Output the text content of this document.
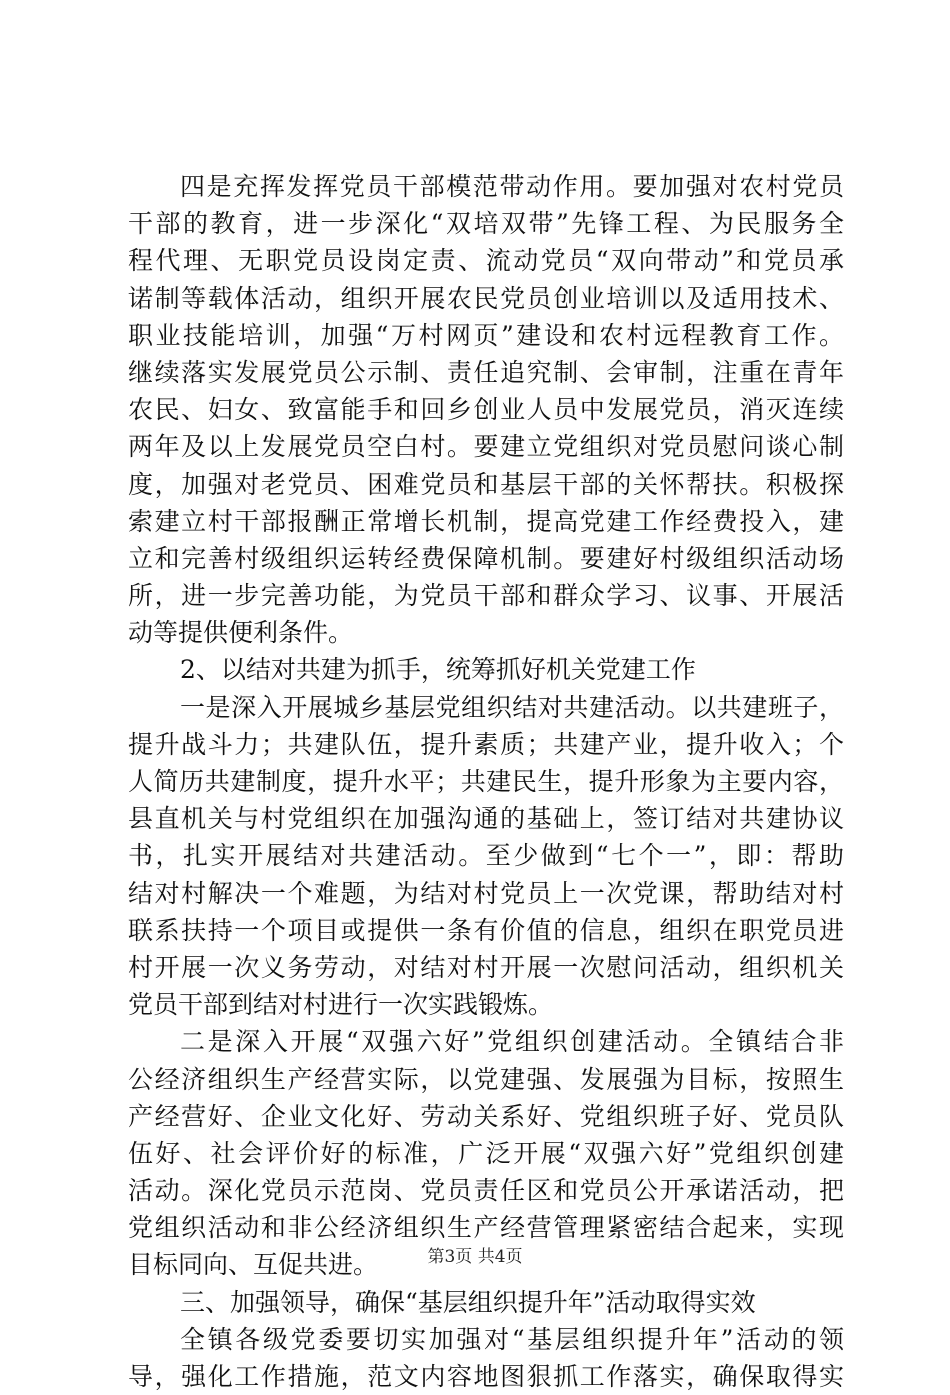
四是充挥发挥党员干部模范带动作用。要加强对农村党员
干部的教育，进一步深化“双培双带”先锋工程、为民服务全
程代理、无职党员设岗定责、流动党员“双向带动”和党员承
诺制等载体活动，组织开展农民党员创业培训以及适用技术、
职业技能培训，加强“万村网页”建设和农村远程教育工作。
继续落实发展党员公示制、责任追究制、会审制，注重在青年
农民、妇女、致富能手和回乡创业人员中发展党员，消灭连续
两年及以上发展党员空白村。要建立党组织对党员慰问谈心制
度，加强对老党员、困难党员和基层干部的关怀帮扶。积极探
索建立村干部报酬正常增长机制，提高党建工作经费投入，建
立和完善村级组织运转经费保障机制。要建好村级组织活动场
所，进一步完善功能，为党员干部和群众学习、议事、开展活
动等提供便利条件。
2、以结对共建为抓手，统筹抓好机关党建工作
一是深入开展城乡基层党组织结对共建活动。以共建班子，
提升战斗力；共建队伍，提升素质；共建产业，提升收入；个
人简历共建制度，提升水平；共建民生，提升形象为主要内容，
县直机关与村党组织在加强沟通的基础上，签订结对共建协议
书，扎实开展结对共建活动。至少做到“七个一”，即：帮助
结对村解决一个难题，为结对村党员上一次党课，帮助结对村
联系扶持一个项目或提供一条有价值的信息，组织在职党员进
村开展一次义务劳动，对结对村开展一次慰问活动，组织机关
党员干部到结对村进行一次实践锻炼。
二是深入开展“双强六好”党组织创建活动。全镇结合非
公经济组织生产经营实际，以党建强、发展强为目标，按照生
产经营好、企业文化好、劳动关系好、党组织班子好、党员队
伍好、社会评价好的标准，广泛开展“双强六好”党组织创建
活动。深化党员示范岗、党员责任区和党员公开承诺活动，把
党组织活动和非公经济组织生产经营管理紧密结合起来，实现
目标同向、互促共进。
三、加强领导，确保“基层组织提升年”活动取得实效
全镇各级党委要切实加强对“基层组织提升年”活动的领
导，强化工作措施，范文内容地图狠抓工作落实，确保取得实
第3页 共4页
